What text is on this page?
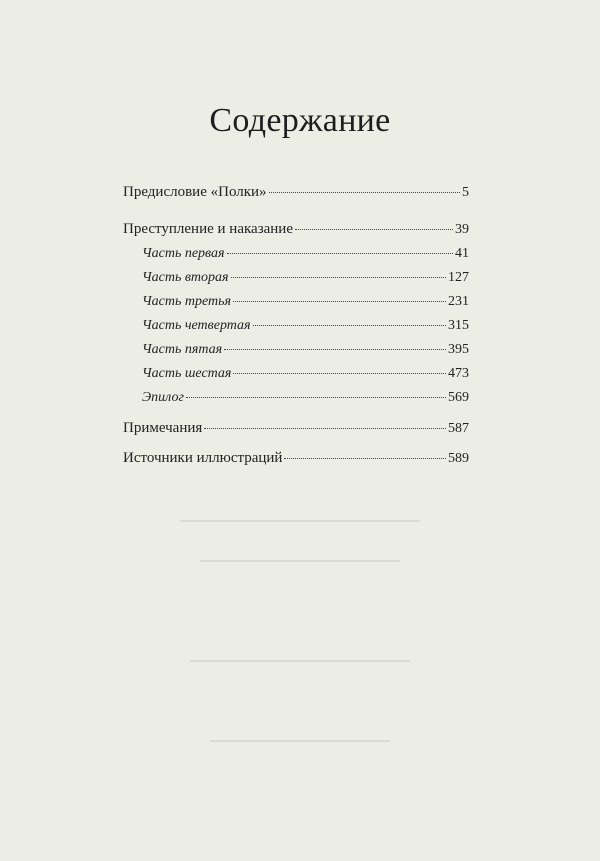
Содержание
Предисловие «Полки»	5
Преступление и наказание	39
Часть первая	41
Часть вторая	127
Часть третья	231
Часть четвертая	315
Часть пятая	395
Часть шестая	473
Эпилог	569
Примечания	587
Источники иллюстраций	589
